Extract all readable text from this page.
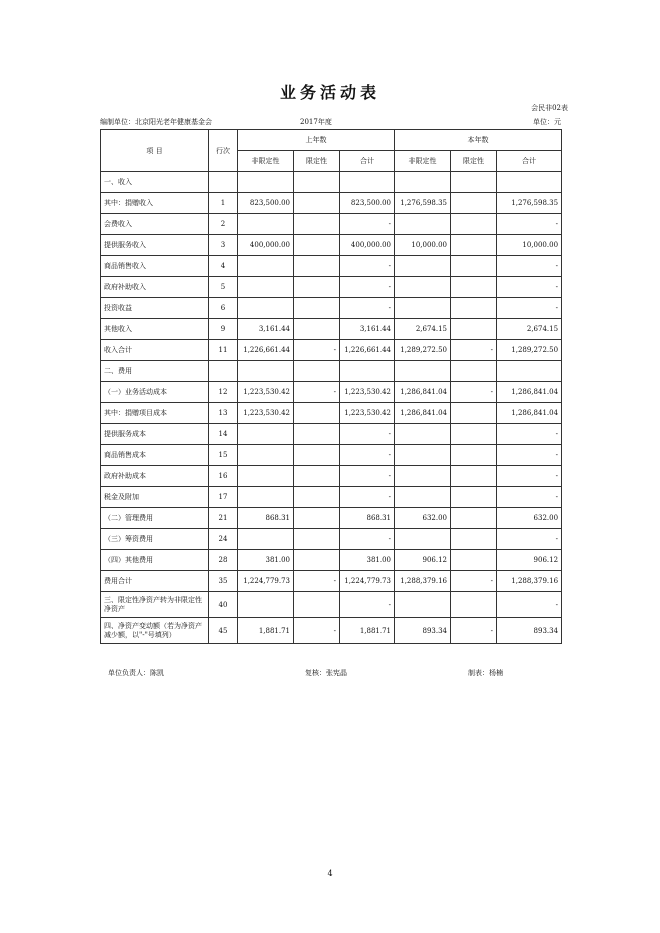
业务活动表
会民非02表
编制单位：北京阳光老年健康基金会	2017年度	单位：元
项 目	行次	上年数			本年数		
		非限定性	限定性	合计	非限定性	限定性	合计
一、收入							
其中：捐赠收入	1	823,500.00		823,500.00	1,276,598.35		1,276,598.35
会费收入	2			-			-
提供服务收入	3	400,000.00		400,000.00	10,000.00		10,000.00
商品销售收入	4			-			-
政府补助收入	5			-			-
投资收益	6			-			-
其他收入	9	3,161.44		3,161.44	2,674.15		2,674.15
收入合计	11	1,226,661.44	-	1,226,661.44	1,289,272.50	-	1,289,272.50
二、费用							
（一）业务活动成本	12	1,223,530.42	-	1,223,530.42	1,286,841.04	-	1,286,841.04
其中：捐赠项目成本	13	1,223,530.42		1,223,530.42	1,286,841.04		1,286,841.04
提供服务成本	14			-			-
商品销售成本	15			-			-
政府补助成本	16			-			-
税金及附加	17			-			-
（二）管理费用	21	868.31		868.31	632.00		632.00
（三）筹资费用	24			-			-
（四）其他费用	28	381.00		381.00	906.12		906.12
费用合计	35	1,224,779.73	-	1,224,779.73	1,288,379.16	-	1,288,379.16
三、限定性净资产转为非限定性净资产	40			-			-
四、净资产变动额（若为净资产减少额，以"-"号填列）	45	1,881.71	-	1,881.71	893.34	-	893.34
单位负责人：陈凯	复核：张宪晶	制表：杨楠
4
